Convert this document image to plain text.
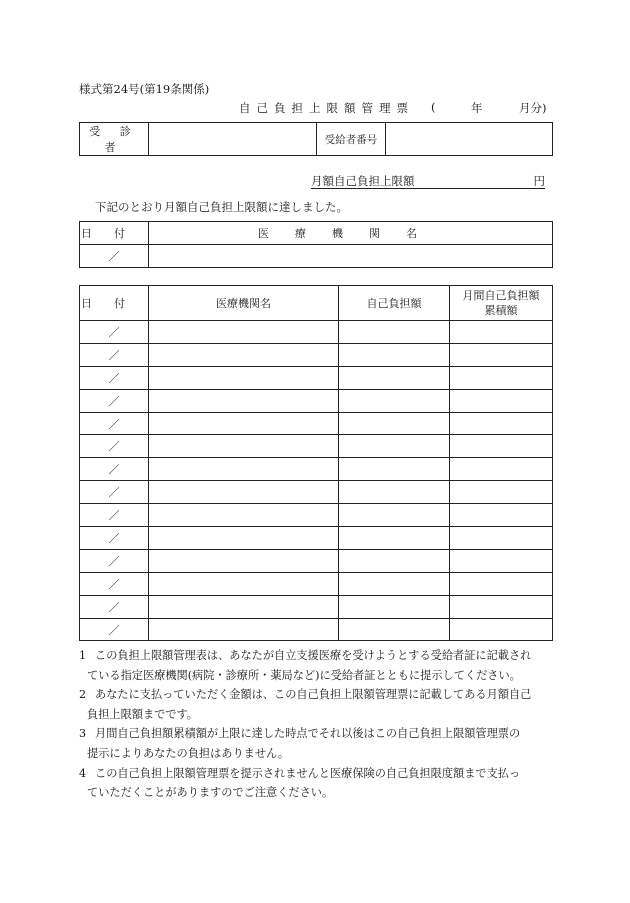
様式第24号(第19条関係)
自己負担上限額管理票 (	年	月分)
受 診 者		受給者番号	
月額自己負担上限額	円
下記のとおり月額自己負担上限額に達しました。
日付	医療機関名
／	
日付	医療機関名	自己負担額	月間自己負担額
累積額
／			
／			
／			
／			
／			
／			
／			
／			
／			
／			
／			
／			
／			
／			
1 この負担上限額管理表は、あなたが自立支援医療を受けようとする受給者証に記載され
ている指定医療機関(病院・診療所・薬局など)に受給者証とともに提示してください。
2 あなたに支払っていただく金額は、この自己負担上限額管理票に記載してある月額自己
負担上限額までです。
3 月間自己負担額累積額が上限に達した時点でそれ以後はこの自己負担上限額管理票の
提示によりあなたの負担はありません。
4 この自己負担上限額管理票を提示されませんと医療保険の自己負担限度額まで支払っ
ていただくことがありますのでご注意ください。
